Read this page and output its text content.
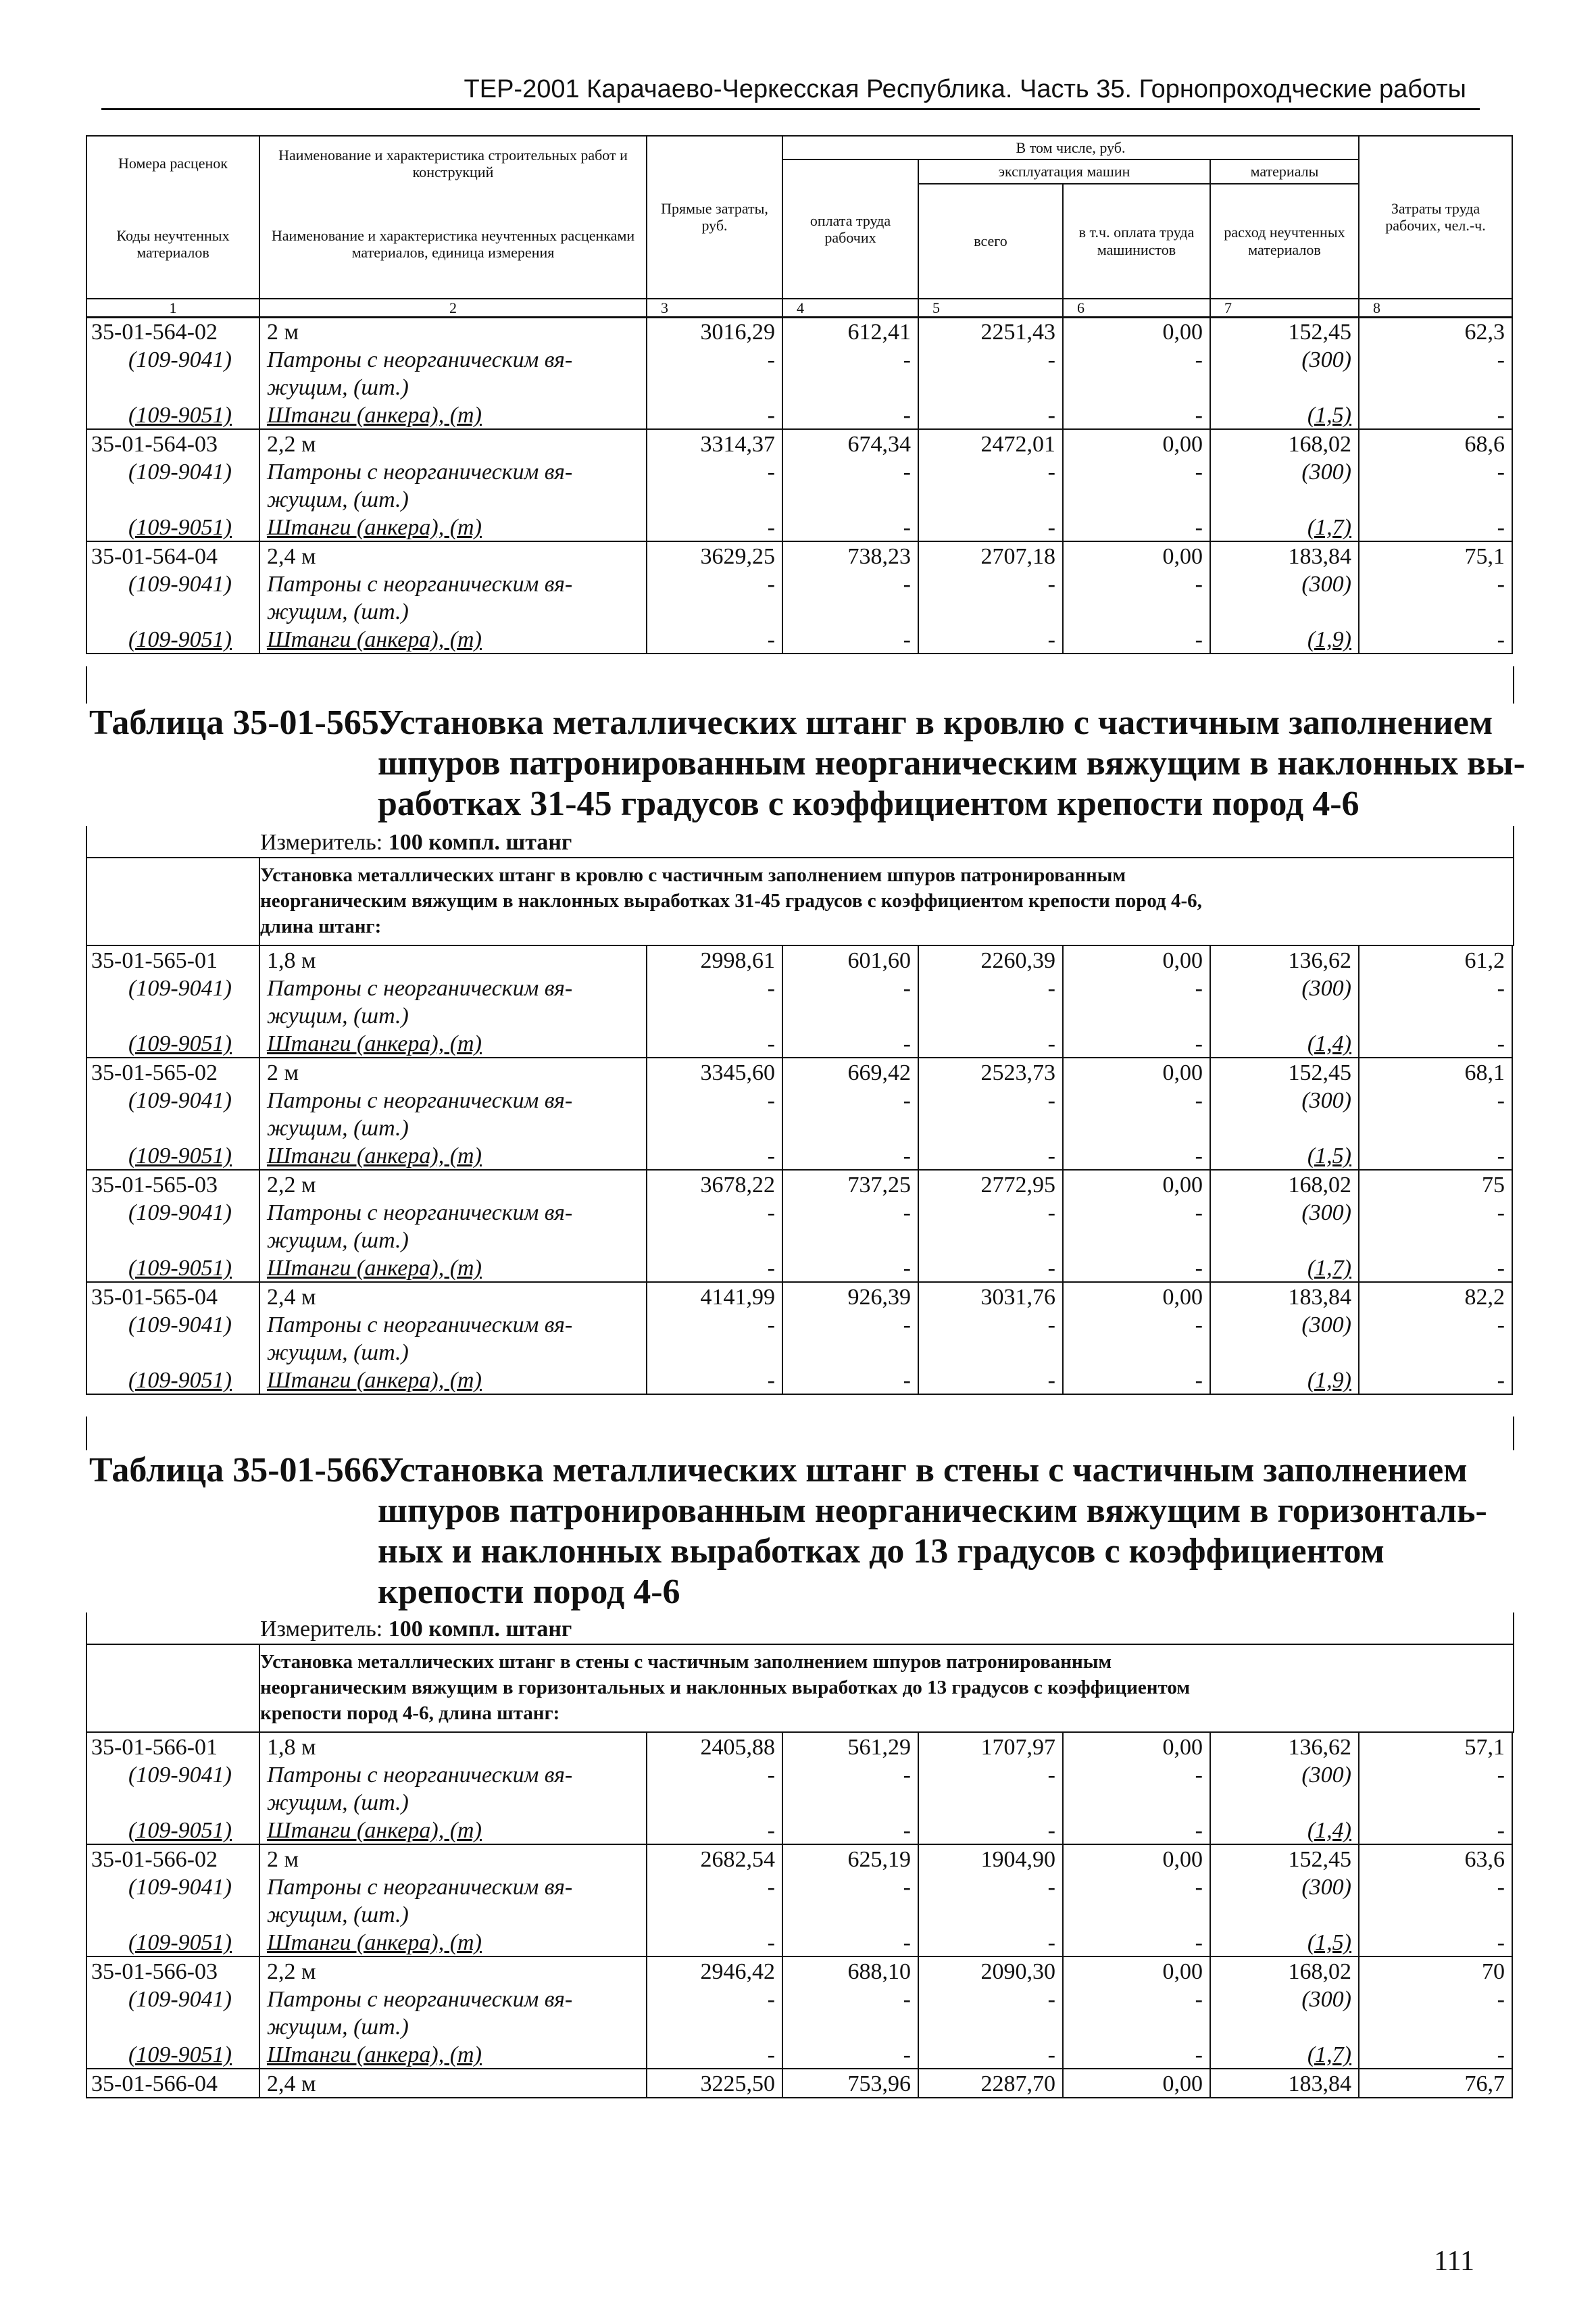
ТЕР-2001 Карачаево-Черкесская Республика. Часть 35. Горнопроходческие работы
Номера расценок	Наименование и характеристика строительных работ и конструкций	Прямые затраты, руб.	В том числе, руб.				Затраты труда рабочих, чел.-ч.
			оплата труда рабочих	эксплуатация машин		материалы	
				всего	в т.ч. оплата труда машинистов	расход неучтенных материалов	
Коды неучтенных материалов	Наименование и характеристика неучтенных расценками материалов, единица измерения						
1	2	3	4	5	6	7	8
35-01-564-02	2 м	3016,29	612,41	2251,43	0,00	152,45	62,3
(109-9041)	Патроны с неорганическим вя-	-	-	-	-	(300)	-
	жущим, (шт.)						
(109-9051)	Штанги (анкера), (т)	-	-	-	-	(1,5)	-
35-01-564-03	2,2 м	3314,37	674,34	2472,01	0,00	168,02	68,6
(109-9041)	Патроны с неорганическим вя-	-	-	-	-	(300)	-
	жущим, (шт.)						
(109-9051)	Штанги (анкера), (т)	-	-	-	-	(1,7)	-
35-01-564-04	2,4 м	3629,25	738,23	2707,18	0,00	183,84	75,1
(109-9041)	Патроны с неорганическим вя-	-	-	-	-	(300)	-
	жущим, (шт.)						
(109-9051)	Штанги (анкера), (т)	-	-	-	-	(1,9)	-
Таблица 35-01-565.
Установка металлических штанг в кровлю с частичным заполнением
шпуров патронированным неорганическим вяжущим в наклонных вы-
работках 31-45 градусов с коэффициентом крепости пород 4-6
Измеритель: 100 компл. штанг
Установка металлических штанг в кровлю с частичным заполнением шпуров патронированным
неорганическим вяжущим в наклонных выработках 31-45 градусов с коэффициентом крепости пород 4-6,
длина штанг:
35-01-565-01	1,8 м	2998,61	601,60	2260,39	0,00	136,62	61,2
(109-9041)	Патроны с неорганическим вя-	-	-	-	-	(300)	-
	жущим, (шт.)						
(109-9051)	Штанги (анкера), (т)	-	-	-	-	(1,4)	-
35-01-565-02	2 м	3345,60	669,42	2523,73	0,00	152,45	68,1
(109-9041)	Патроны с неорганическим вя-	-	-	-	-	(300)	-
	жущим, (шт.)						
(109-9051)	Штанги (анкера), (т)	-	-	-	-	(1,5)	-
35-01-565-03	2,2 м	3678,22	737,25	2772,95	0,00	168,02	75
(109-9041)	Патроны с неорганическим вя-	-	-	-	-	(300)	-
	жущим, (шт.)						
(109-9051)	Штанги (анкера), (т)	-	-	-	-	(1,7)	-
35-01-565-04	2,4 м	4141,99	926,39	3031,76	0,00	183,84	82,2
(109-9041)	Патроны с неорганическим вя-	-	-	-	-	(300)	-
	жущим, (шт.)						
(109-9051)	Штанги (анкера), (т)	-	-	-	-	(1,9)	-
Таблица 35-01-566.
Установка металлических штанг в стены с частичным заполнением
шпуров патронированным неорганическим вяжущим в горизонталь-
ных и наклонных выработках до 13 градусов с коэффициентом
крепости пород 4-6
Измеритель: 100 компл. штанг
Установка металлических штанг в стены с частичным заполнением шпуров патронированным
неорганическим вяжущим в горизонтальных и наклонных выработках до 13 градусов с коэффициентом
крепости пород 4-6, длина штанг:
35-01-566-01	1,8 м	2405,88	561,29	1707,97	0,00	136,62	57,1
(109-9041)	Патроны с неорганическим вя-	-	-	-	-	(300)	-
	жущим, (шт.)						
(109-9051)	Штанги (анкера), (т)	-	-	-	-	(1,4)	-
35-01-566-02	2 м	2682,54	625,19	1904,90	0,00	152,45	63,6
(109-9041)	Патроны с неорганическим вя-	-	-	-	-	(300)	-
	жущим, (шт.)						
(109-9051)	Штанги (анкера), (т)	-	-	-	-	(1,5)	-
35-01-566-03	2,2 м	2946,42	688,10	2090,30	0,00	168,02	70
(109-9041)	Патроны с неорганическим вя-	-	-	-	-	(300)	-
	жущим, (шт.)						
(109-9051)	Штанги (анкера), (т)	-	-	-	-	(1,7)	-
35-01-566-04	2,4 м	3225,50	753,96	2287,70	0,00	183,84	76,7
111
